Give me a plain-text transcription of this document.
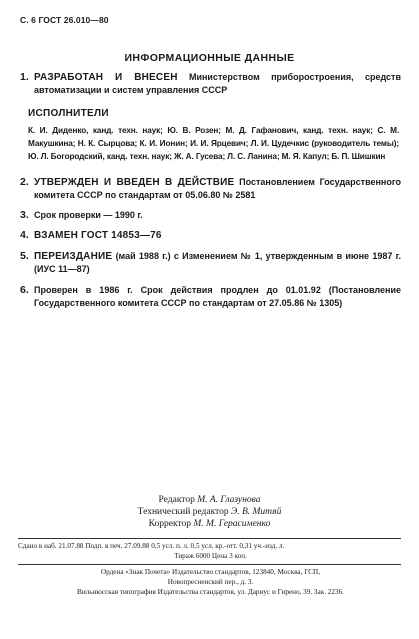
С. 6 ГОСТ 26.010—80
ИНФОРМАЦИОННЫЕ ДАННЫЕ
1. РАЗРАБОТАН И ВНЕСЕН Министерством приборостроения, средств автоматизации и систем управления СССР
ИСПОЛНИТЕЛИ
К. И. Диденко, канд. техн. наук; Ю. В. Розен; М. Д. Гафанович, канд. техн. наук; С. М. Макушкина; Н. К. Сырцова; К. И. Ионин; И. И. Ярцевич; Л. И. Цудечкис (руководитель темы); Ю. Л. Богородский, канд. техн. наук; Ж. А. Гусева; Л. С. Ланина; М. Я. Капул; Б. П. Шишкин
2. УТВЕРЖДЕН И ВВЕДЕН В ДЕЙСТВИЕ Постановлением Государственного комитета СССР по стандартам от 05.06.80 № 2581
3. Срок проверки — 1990 г.
4. ВЗАМЕН ГОСТ 14853—76
5. ПЕРЕИЗДАНИЕ (май 1988 г.) с Изменением № 1, утвержденным в июне 1987 г. (ИУС 11—87)
6. Проверен в 1986 г. Срок действия продлен до 01.01.92 (Постановление Государственного комитета СССР по стандартам от 27.05.86 № 1305)
Редактор М. А. Глазунова
Технический редактор Э. В. Митяй
Корректор М. М. Герасименко
Сдано в наб. 21.07.88 Подп. в печ. 27.09.88 0,5 усл. п. л. 0,5 усл. кр.-отт. 0,31 уч.-изд. л.
Тираж 6000 Цена 3 коп.
Ордена «Знак Почета» Издательство стандартов, 123840, Москва, ГСП,
Новопресненский пер., д. 3.
Вильнюсская типография Издательства стандартов, ул. Дариус и Гирено, 39. Зак. 2236.
